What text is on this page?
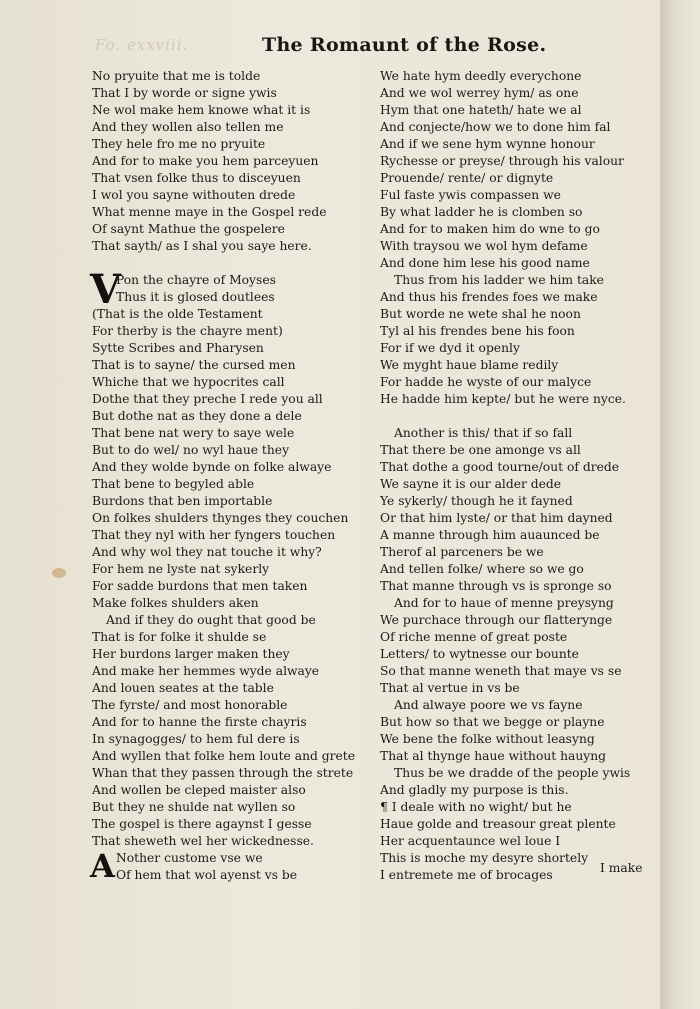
Fo. exxviii.	The Romaunt of the Rose.
No pryuite that me is tolde
That I by worde or signe ywis
Ne wol make hem knowe what it is
And they wollen also tellen me
They hele fro me no pryuite
And for to make you hem parceyuen
That vsen folke thus to disceyuen
I wol you sayne withouten drede
What menne maye in the Gospel rede
Of saynt Mathue the gospelere
That sayth/ as I shal you saye here.
V
Pon the chayre of Moyses
Thus it is glosed doutlees
(That is the olde Testament
For therby is the chayre ment)
Sytte Scribes and Pharysen
That is to sayne/ the cursed men
Whiche that we hypocrites call
Dothe that they preche I rede you all
But dothe nat as they done a dele
That bene nat wery to saye wele
But to do wel/ no wyl haue they
And they wolde bynde on folke alwaye
That bene to begyled able
Burdons that ben importable
On folkes shulders thynges they couchen
That they nyl with her fyngers touchen
And why wol they nat touche it why?
For hem ne lyste nat sykerly
For sadde burdons that men taken
Make folkes shulders aken
And if they do ought that good be
That is for folke it shulde se
Her burdons larger maken they
And make her hemmes wyde alwaye
And louen seates at the table
The fyrste/ and most honorable
And for to hanne the firste chayris
In synagogges/ to hem ful dere is
And wyllen that folke hem loute and grete
Whan that they passen through the strete
And wollen be cleped maister also
But they ne shulde nat wyllen so
The gospel is there agaynst I gesse
That sheweth wel her wickednesse.
A Nother custome vse we
Of hem that wol ayenst vs be
We hate hym deedly everychone
And we wol werrey hym/ as one
Hym that one hateth/ hate we al
And conjecte/how we to done him fal
And if we sene hym wynne honour
Rychesse or preyse/ through his valour
Prouende/ rente/ or dignyte
Ful faste ywis compassen we
By what ladder he is clomben so
And for to maken him do wne to go
With traysou we wol hym defame
And done him lese his good name
Thus from his ladder we him take
And thus his frendes foes we make
But worde ne wete shal he noon
Tyl al his frendes bene his foon
For if we dyd it openly
We myght haue blame redily
For hadde he wyste of our malyce
He hadde him kepte/ but he were nyce.
Another is this/ that if so fall
That there be one amonge vs all
That dothe a good tourne/out of drede
We sayne it is our alder dede
Ye sykerly/ though he it fayned
Or that him lyste/ or that him dayned
A manne through him auaunced be
Therof al parceners be we
And tellen folke/ where so we go
That manne through vs is spronge so
And for to haue of menne preysyng
We purchace through our flatterynge
Of riche menne of great poste
Letters/ to wytnesse our bounte
So that manne weneth that maye vs se
That al vertue in vs be
And alwaye poore we vs fayne
But how so that we begge or playne
We bene the folke without leasyng
That al thynge haue without hauyng
Thus be we dradde of the people ywis
And gladly my purpose is this.
¶ I deale with no wight/ but he
Haue golde and treasour great plente
Her acquentaunce wel loue I
This is moche my desyre shortely
I entremete me of brocages	I make
